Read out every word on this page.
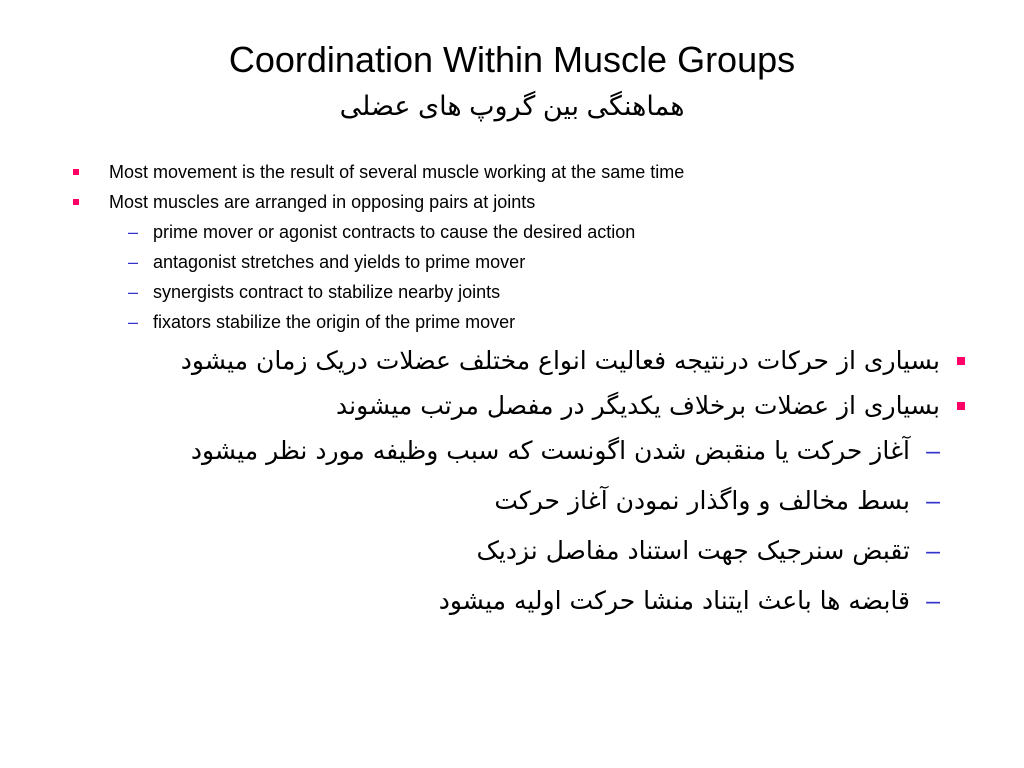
Coordination Within Muscle Groups
هماهنگی بین گروپ های عضلی
Most movement is the result of several muscle working at the same time
Most muscles are arranged in opposing pairs at joints
– prime mover or agonist contracts to cause the desired action
– antagonist stretches and yields to prime mover
– synergists contract to stabilize nearby joints
– fixators stabilize the origin of the prime mover
بسیاری از حرکات درنتیجه فعالیت انواع مختلف عضلات دریک زمان میشود
بسیاری از عضلات برخلاف یکدیگر در مفصل مرتب میشوند
–
آغاز حرکت یا منقبض شدن اگونست که سبب وظیفه مورد نظر میشود
–
بسط مخالف و واگذار نمودن آغاز حرکت
–
تقبض سنرجیک جهت استناد مفاصل نزدیک
–
قابضه ها باعث ایتناد منشا حرکت اولیه میشود
